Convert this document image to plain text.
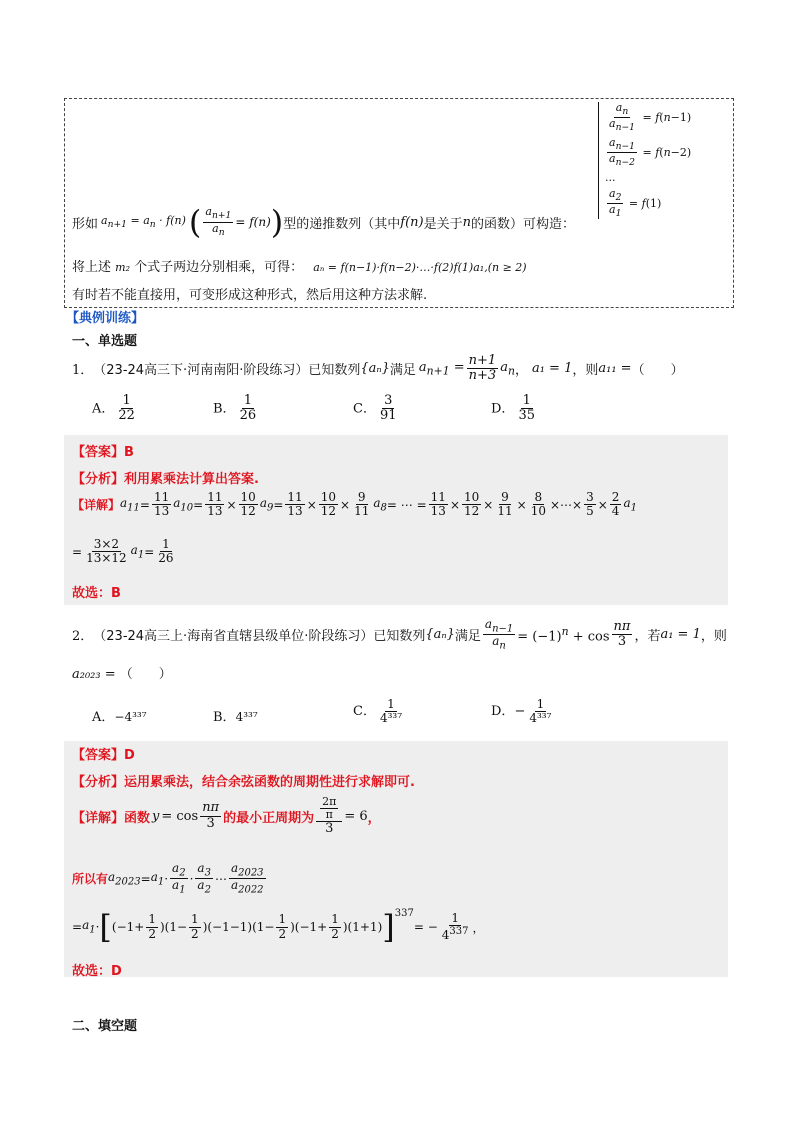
$\frac{a_n}{a_{n-1}} = f(n-1)$
$\frac{a_{n-1}}{a_{n-2}} = f(n-2)$
...
$\frac{a_2}{a_1} = f(1)$
形如 $a_{n+1} = a_n \cdot f(n)$ ( $\frac{a_{n+1}}{a_n} = f(n)$ ) 型的递推数列（其中 f(n) 是关于 n 的函数）可构造：
将上述 m₂ 个式子两边分别相乘，可得： aₙ = f(n−1)·f(n−2)·…·f(2)f(1)a₁,(n ≥ 2)
有时若不能直接用，可变形成这种形式，然后用这种方法求解.
【典例训练】
一、单选题
1． （23-24高三下·河南南阳·阶段练习）已知数列 {aₙ} 满足 $a_{n+1} = \frac{n+1}{n+3} a_n$ ， a₁ = 1 ，则 a₁₁ = （　　）
A． $\frac{1}{22}$	B． $\frac{1}{26}$	C． $\frac{3}{91}$	D． $\frac{1}{35}$
【答案】B
【分析】利用累乘法计算出答案.
【详解】 $a_{11} = \frac{11}{13} a_{10} = \frac{11}{13} \times \frac{10}{12} a_9 = \frac{11}{13} \times \frac{10}{12} \times \frac{9}{11} a_8$ = ⋯ = $\frac{11}{13} \times \frac{10}{12} \times \frac{9}{11} \times \frac{8}{10}$ ×⋯× $\frac{3}{5} \times \frac{2}{4} a_1$
= $\frac{3\times 2}{13\times 12} a_1 = \frac{1}{26}$
故选：B
2． （23-24高三上·海南省直辖县级单位·阶段练习）已知数列 {aₙ} 满足 $\frac{a_{n-1}}{a_n} = (-1)^n + \cos \frac{n\pi}{3}$ ，若 a₁ = 1 ，则
a₂₀₂₃ = （　　）
A．−4³³⁷	B．4³³⁷	C． $\frac{1}{\text{4³³⁷}}$	D．− $\frac{1}{\text{4³³⁷}}$
【答案】D
【分析】运用累乘法，结合余弦函数的周期性进行求解即可.
【详解】函数 $y = \cos \frac{n\pi}{3}$ 的最小正周期为 $\frac{\frac{2\pi}{\pi}}{3} = 6$ ，
所以有 $a_{2023} = a_1 \cdot \frac{a_2}{a_1} \cdot \frac{a_3}{a_2}$ ⋯ $\frac{a_{2023}}{a_{2022}}$
= $a_1$ · [ $(-1+ \frac{1}{2} )(1- \frac{1}{2} )(-1-1)(1- \frac{1}{2} )(-1+ \frac{1}{2} )(1+1)$ ]$^{337}$
= − $\frac{1}{4^{337}}$ ，
故选：D
二、填空题
